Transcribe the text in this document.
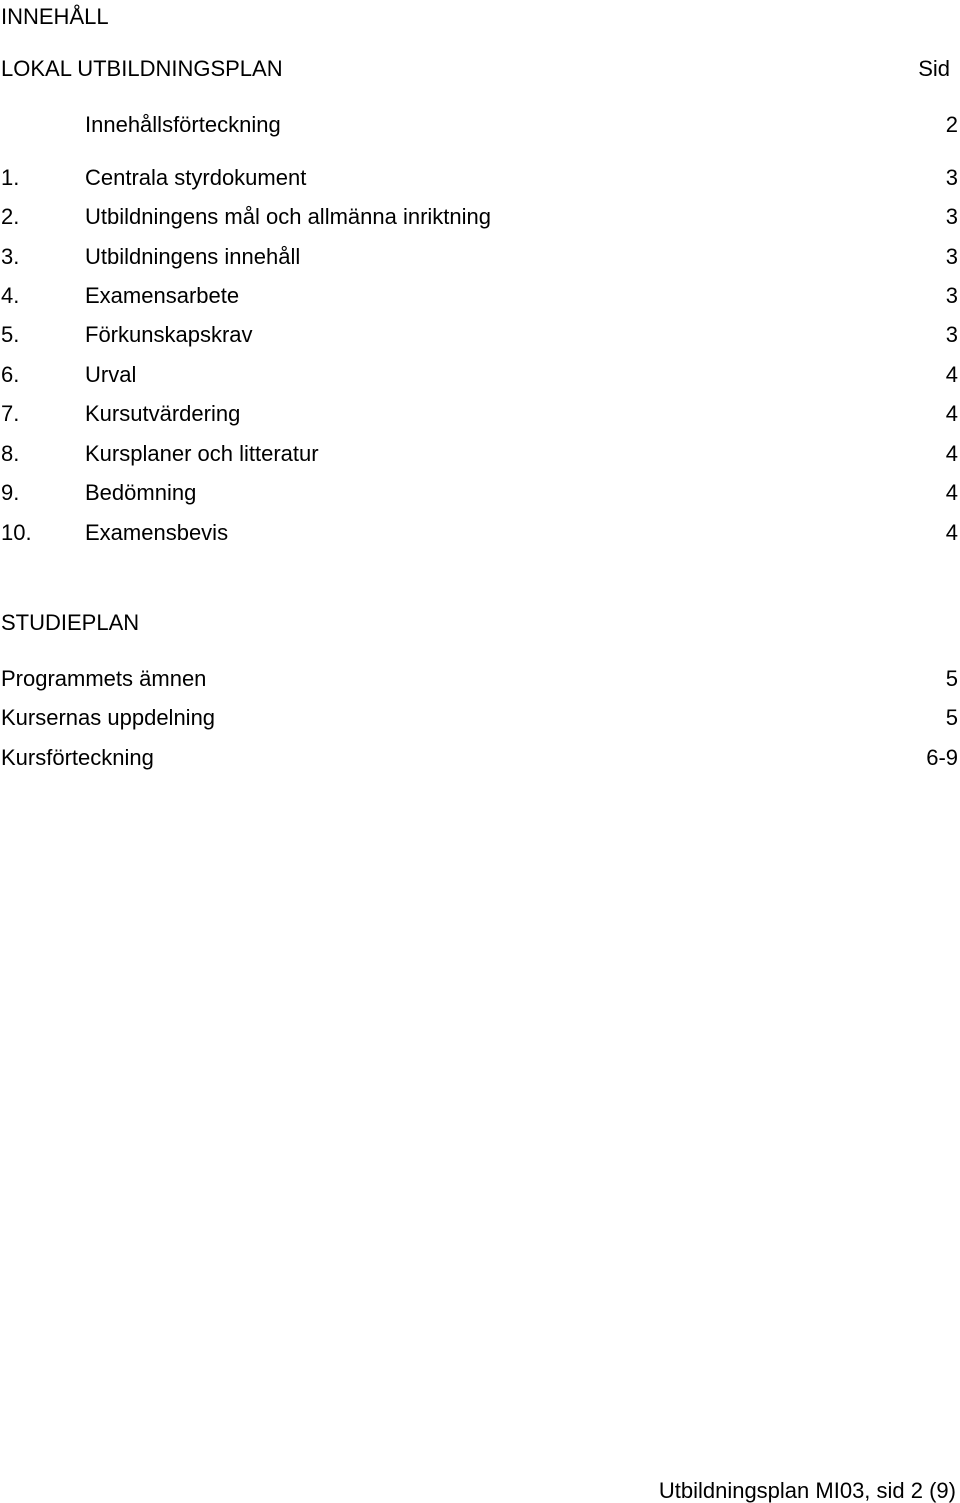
INNEHÅLL
LOKAL UTBILDNINGSPLAN	Sid
Innehållsförteckning	2
1.	Centrala styrdokument	3
2.	Utbildningens mål och allmänna inriktning	3
3.	Utbildningens innehåll	3
4.	Examensarbete	3
5.	Förkunskapskrav	3
6.	Urval	4
7.	Kursutvärdering	4
8.	Kursplaner och litteratur	4
9.	Bedömning	4
10. Examensbevis	4
STUDIEPLAN
Programmets ämnen	5
Kursernas uppdelning	5
Kursförteckning	6-9
Utbildningsplan MI03, sid 2 (9)
